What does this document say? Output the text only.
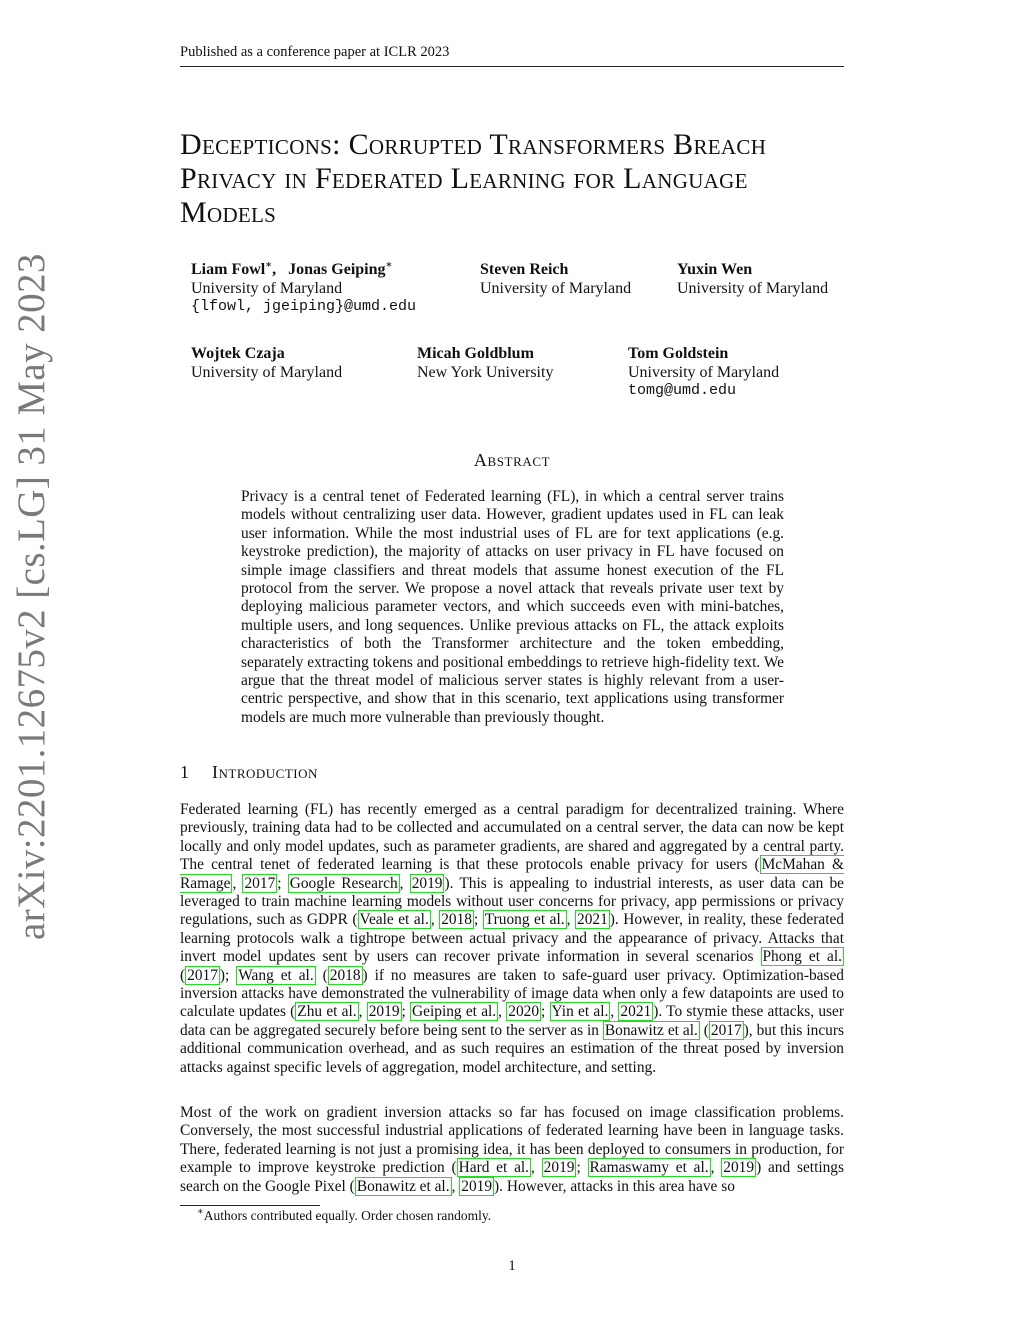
Published as a conference paper at ICLR 2023
arXiv:2201.12675v2 [cs.LG] 31 May 2023
Decepticons: Corrupted Transformers Breach
Privacy in Federated Learning for Language
Models
Liam Fowl∗, Jonas Geiping∗
University of Maryland
{lfowl, jgeiping}@umd.edu
Steven Reich
University of Maryland
Yuxin Wen
University of Maryland
Wojtek Czaja
University of Maryland
Micah Goldblum
New York University
Tom Goldstein
University of Maryland
tomg@umd.edu
Abstract

Privacy is a central tenet of Federated learning (FL), in which a central server trains models without centralizing user data. However, gradient updates used in FL can leak user information. While the most industrial uses of FL are for text applications (e.g. keystroke prediction), the majority of attacks on user privacy in FL have focused on simple image classifiers and threat models that assume honest execution of the FL protocol from the server. We propose a novel attack that reveals private user text by deploying malicious parameter vectors, and which succeeds even with mini-batches, multiple users, and long sequences. Unlike previous attacks on FL, the attack exploits characteristics of both the Transformer architecture and the token embedding, separately extracting tokens and positional embeddings to retrieve high-fidelity text. We argue that the threat model of malicious server states is highly relevant from a user-centric perspective, and show that in this scenario, text applications using transformer models are much more vulnerable than previously thought.

1 Introduction

Federated learning (FL) has recently emerged as a central paradigm for decentralized training. Where previously, training data had to be collected and accumulated on a central server, the data can now be kept locally and only model updates, such as parameter gradients, are shared and aggregated by a central party. The central tenet of federated learning is that these protocols enable privacy for users ( McMahan & Ramage , 2017 ; Google Research , 2019 ). This is appealing to industrial interests, as user data can be leveraged to train machine learning models without user concerns for privacy, app permissions or privacy regulations, such as GDPR ( Veale et al. , 2018 ; Truong et al. , 2021 ). However, in reality, these federated learning protocols walk a tightrope between actual privacy and the appearance of privacy. Attacks that invert model updates sent by users can recover private information in several scenarios Phong et al. ( 2017 ); Wang et al. ( 2018 ) if no measures are taken to safe-guard user privacy. Optimization-based inversion attacks have demonstrated the vulnerability of image data when only a few datapoints are used to calculate updates ( Zhu et al. , 2019 ; Geiping et al. , 2020 ; Yin et al. , 2021 ). To stymie these attacks, user data can be aggregated securely before being sent to the server as in Bonawitz et al. ( 2017 ), but this incurs additional communication overhead, and as such requires an estimation of the threat posed by inversion attacks against specific levels of aggregation, model architecture, and setting.

Most of the work on gradient inversion attacks so far has focused on image classification problems. Conversely, the most successful industrial applications of federated learning have been in language tasks. There, federated learning is not just a promising idea, it has been deployed to consumers in production, for example to improve keystroke prediction ( Hard et al. , 2019 ; Ramaswamy et al. , 2019 ) and settings search on the Google Pixel ( Bonawitz et al. , 2019 ). However, attacks in this area have so

∗Authors contributed equally. Order chosen randomly.
1
